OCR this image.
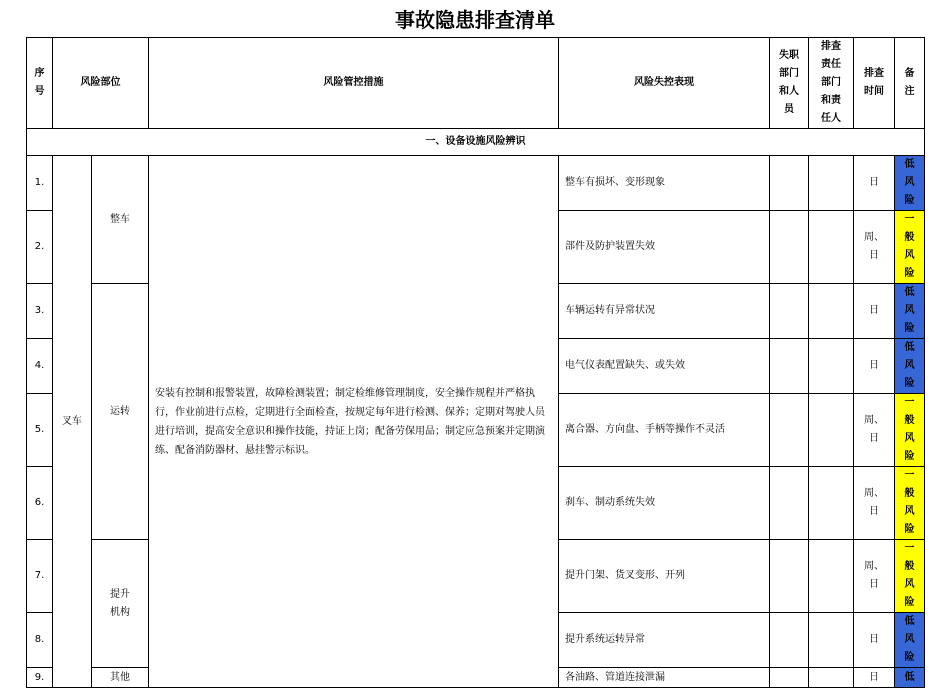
事故隐患排查清单
序号	风险部位		风险管控措施	风险失控表现	失职部门和人员	排查责任部门和责任人	排查时间	备注
一、设备设施风险辨识								
1.	叉车	整车	安装有控制和报警装置，故障检测装置；制定检维修管理制度，安全操作规程并严格执行，作业前进行点检，定期进行全面检查，按规定每年进行检测、保养；定期对驾驶人员进行培训，提高安全意识和操作技能，持证上岗；配备劳保用品；制定应急预案并定期演练、配备消防器材、悬挂警示标识。	整车有损坏、变形现象			日	低风险
2.				部件及防护装置失效			周、日	一般风险
3.		运转		车辆运转有异常状况			日	低风险
4.				电气仪表配置缺失、或失效			日	低风险
5.				离合器、方向盘、手柄等操作不灵活			周、日	一般风险
6.				刹车、制动系统失效			周、日	一般风险
7.		提升机构		提升门架、货叉变形、开列			周、日	一般风险
8.				提升系统运转异常			日	低风险
9.		其他		各油路、管道连接泄漏			日	低
